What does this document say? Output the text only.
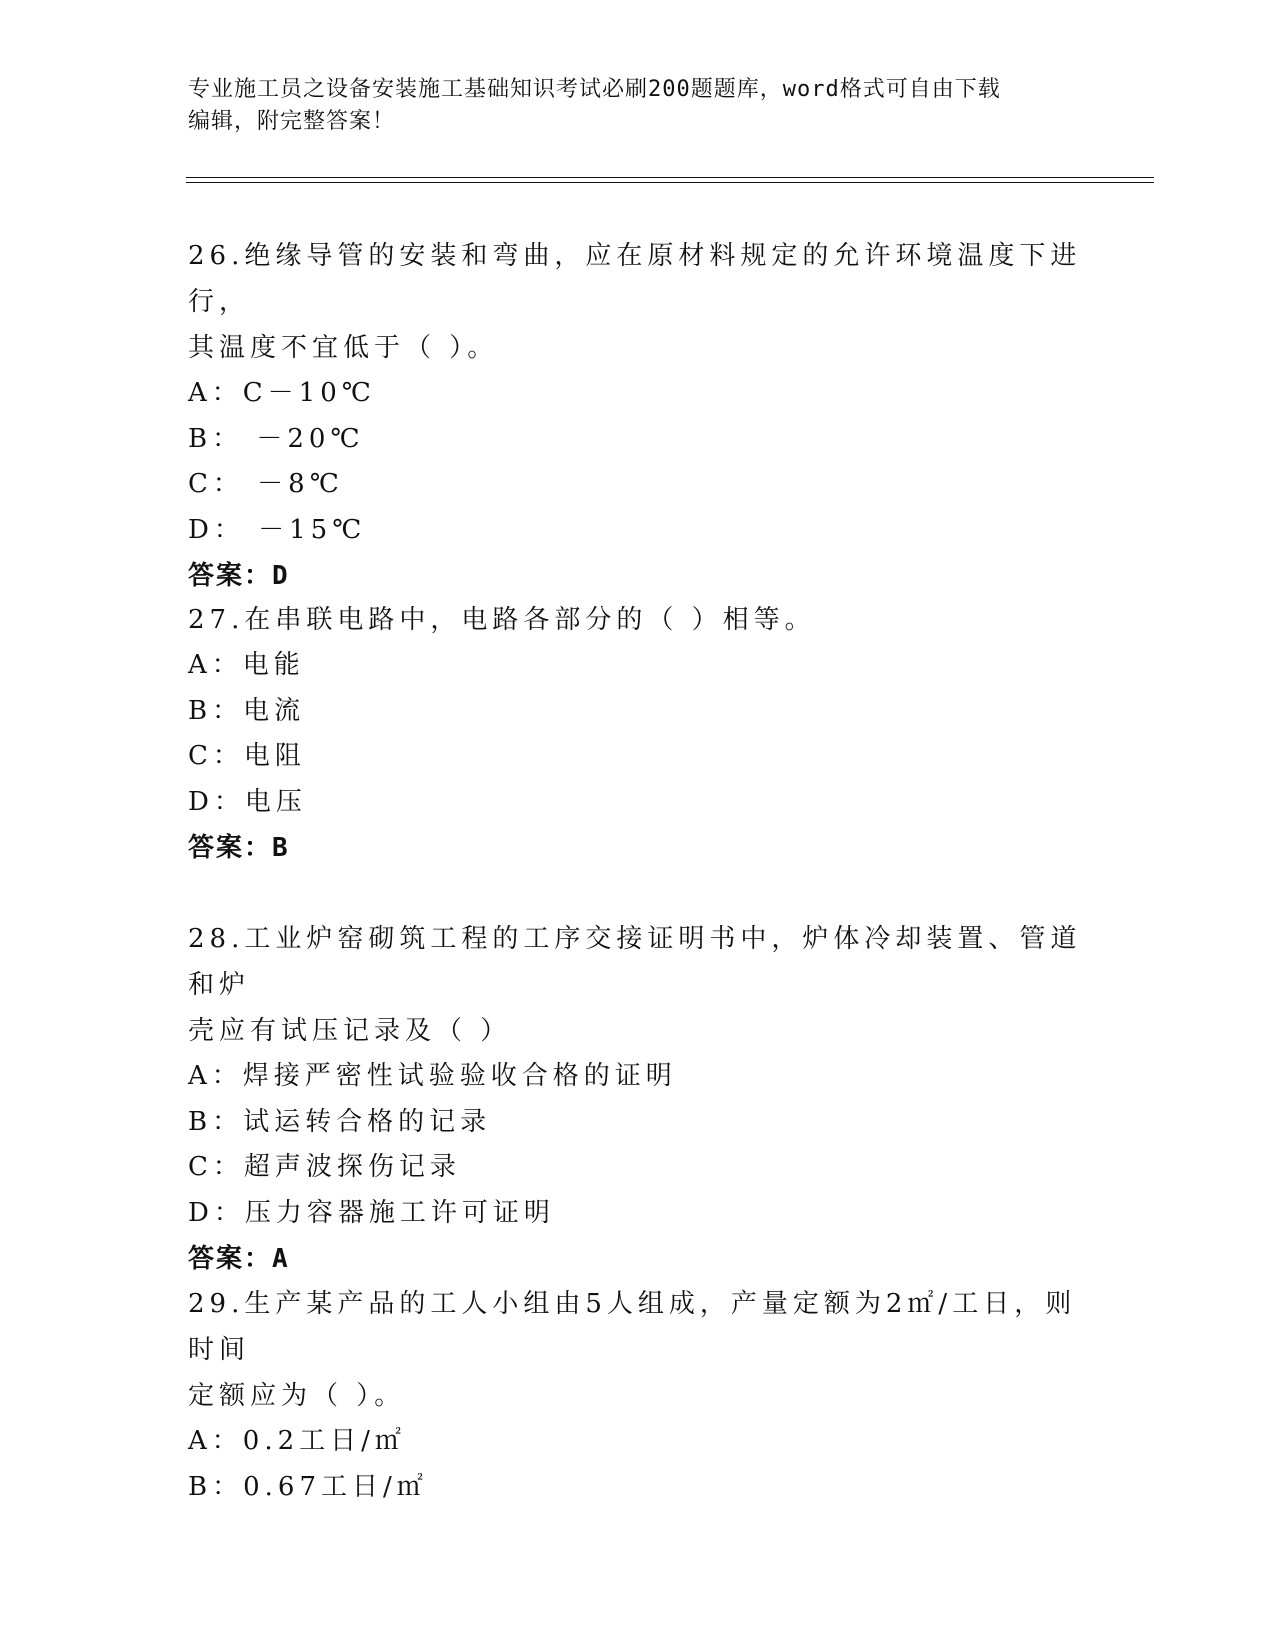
专业施工员之设备安装施工基础知识考试必刷200题题库，word格式可自由下载
编辑，附完整答案！

26.绝缘导管的安装和弯曲，应在原材料规定的允许环境温度下进行，

其温度不宜低于（ ）。

A：C－10℃

B： －20℃

C： －8℃

D： －15℃

答案：D

27.在串联电路中，电路各部分的（ ）相等。

A：电能

B：电流

C：电阻

D：电压

答案：B

28.工业炉窑砌筑工程的工序交接证明书中，炉体冷却装置、管道和炉

壳应有试压记录及（ ）

A：焊接严密性试验验收合格的证明

B：试运转合格的记录

C：超声波探伤记录

D：压力容器施工许可证明

答案：A

29.生产某产品的工人小组由5人组成，产量定额为2㎡/工日，则时间

定额应为（ ）。

A：0.2工日/㎡

B：0.67工日/㎡
